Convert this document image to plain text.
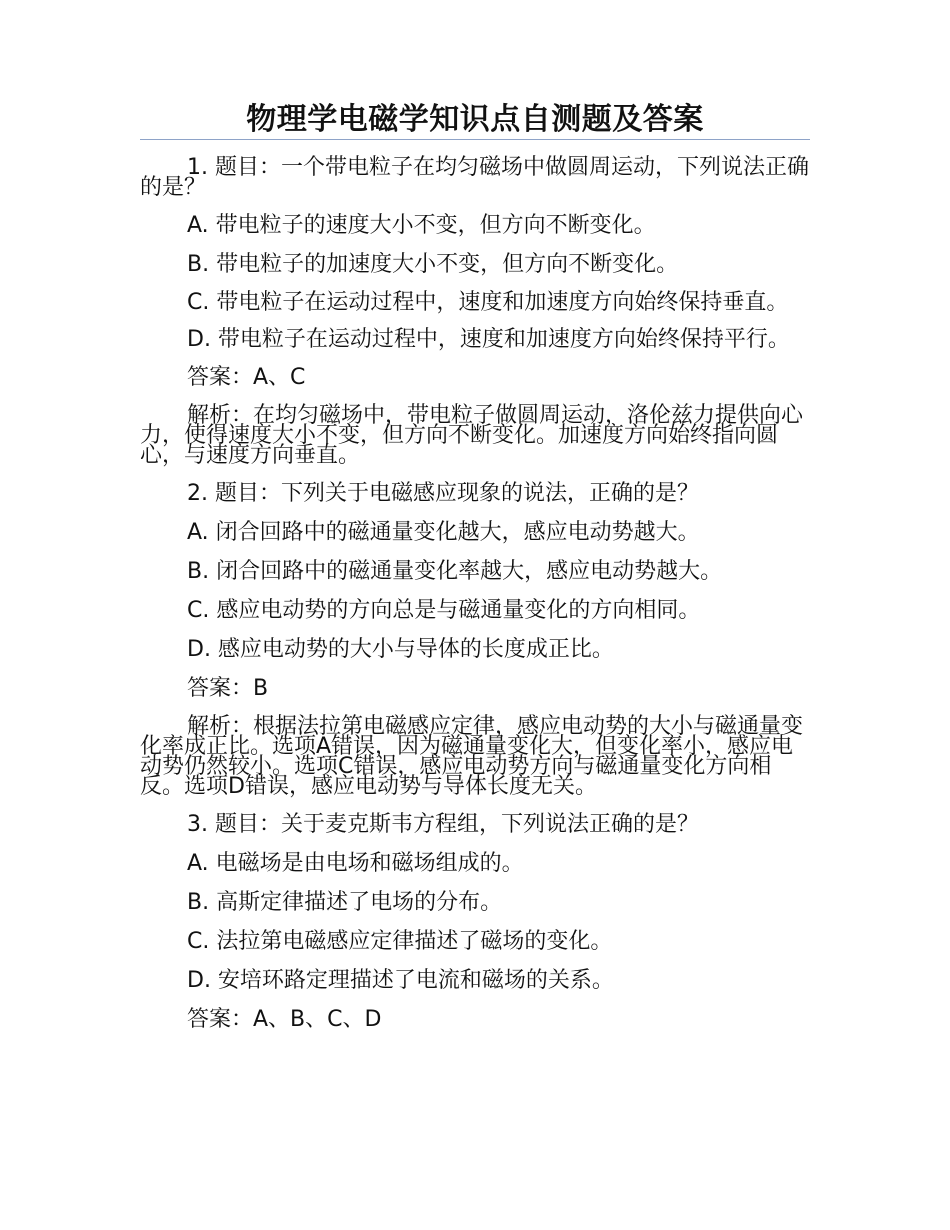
物理学电磁学知识点自测题及答案

1. 题目：一个带电粒子在均匀磁场中做圆周运动，下列说法正确的是？

A. 带电粒子的速度大小不变，但方向不断变化。

B. 带电粒子的加速度大小不变，但方向不断变化。

C. 带电粒子在运动过程中，速度和加速度方向始终保持垂直。

D. 带电粒子在运动过程中，速度和加速度方向始终保持平行。

答案：A、C

解析：在均匀磁场中，带电粒子做圆周运动，洛伦兹力提供向心力，使得速度大小不变，但方向不断变化。加速度方向始终指向圆心，与速度方向垂直。

2. 题目：下列关于电磁感应现象的说法，正确的是？

A. 闭合回路中的磁通量变化越大，感应电动势越大。

B. 闭合回路中的磁通量变化率越大，感应电动势越大。

C. 感应电动势的方向总是与磁通量变化的方向相同。

D. 感应电动势的大小与导体的长度成正比。

答案：B

解析：根据法拉第电磁感应定律，感应电动势的大小与磁通量变化率成正比。选项A错误，因为磁通量变化大，但变化率小，感应电动势仍然较小。选项C错误，感应电动势方向与磁通量变化方向相反。选项D错误，感应电动势与导体长度无关。

3. 题目：关于麦克斯韦方程组，下列说法正确的是？

A. 电磁场是由电场和磁场组成的。

B. 高斯定律描述了电场的分布。

C. 法拉第电磁感应定律描述了磁场的变化。

D. 安培环路定理描述了电流和磁场的关系。

答案：A、B、C、D
